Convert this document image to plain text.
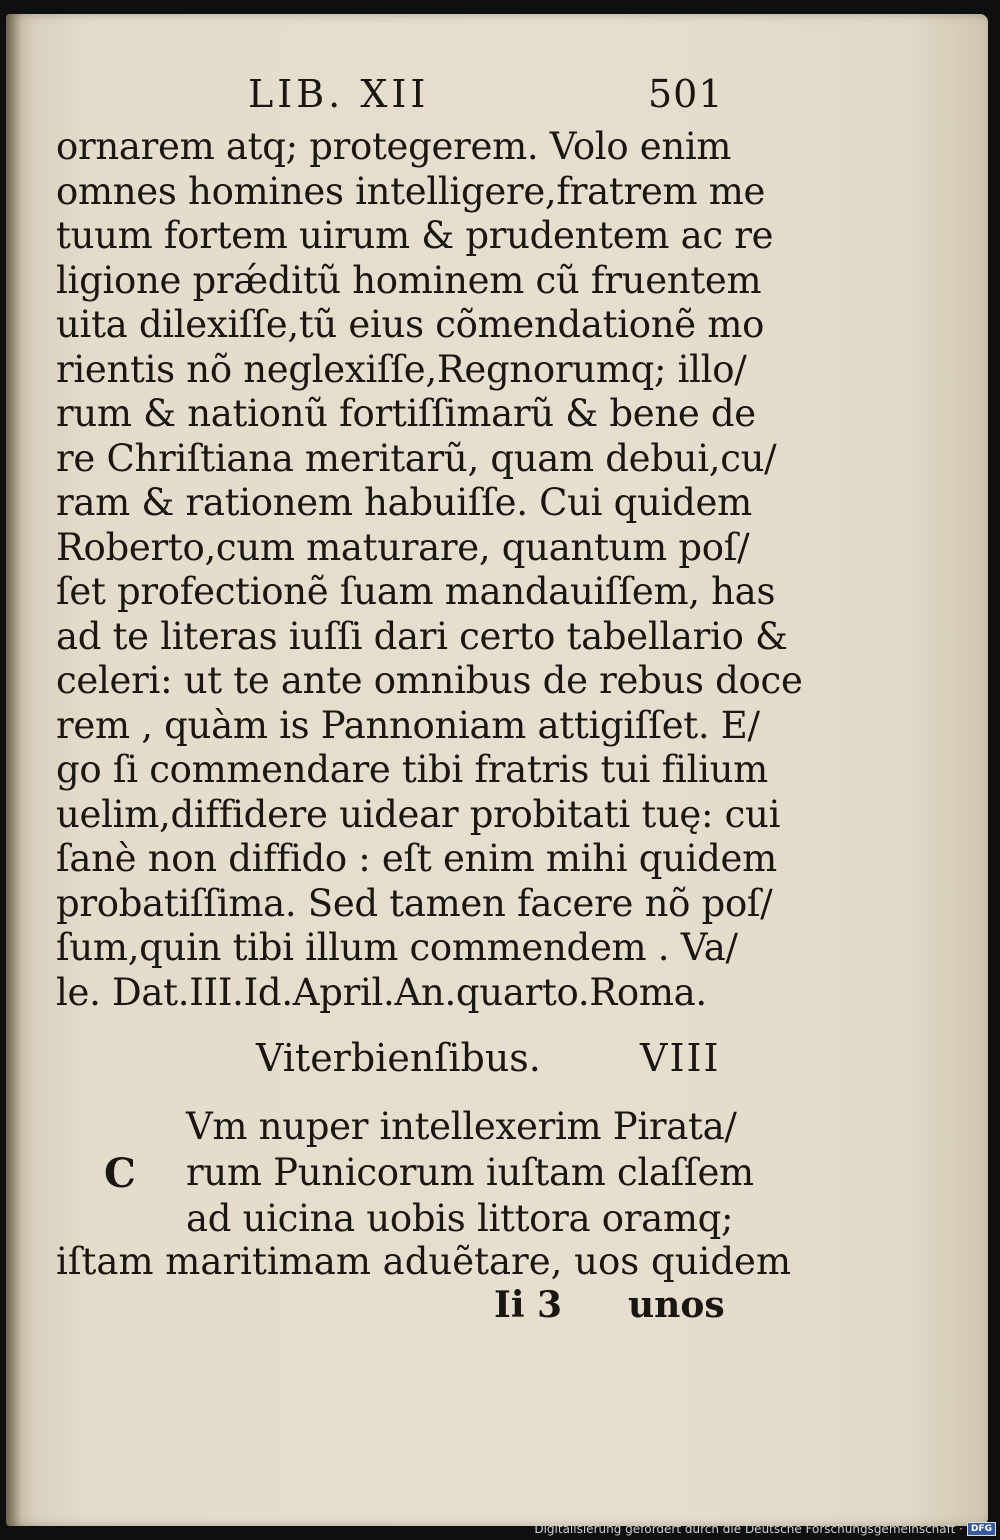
LIB. XII	501
ornarem atq; protegerem. Volo enim
omnes homines intelligere,fratrem me
tuum fortem uirum & prudentem ac re
ligione prǽditũ hominem cũ fruentem
uita dilexiſſe,tũ eius cõmendationẽ mo
rientis nõ neglexiſſe,Regnorumq; illo/
rum & nationũ fortiſſimarũ & bene de
re Chriſtiana meritarũ, quam debui,cu/
ram & rationem habuiſſe. Cui quidem
Roberto,cum maturare, quantum poſ/
ſet profectionẽ ſuam mandauiſſem, has
ad te literas iuſſi dari certo tabellario &
celeri: ut te ante omnibus de rebus doce
rem , quàm is Pannoniam attigiſſet. E/
go ſi commendare tibi fratris tui filium
uelim,diffidere uidear probitati tuę: cui
ſanè non diffido : eſt enim mihi quidem
probatiſſima. Sed tamen facere nõ poſ/
ſum,quin tibi illum commendem . Va/
le. Dat.III.Id.April.An.quarto.Roma.
Viterbienſibus.	VIII
C
Vm nuper intellexerim Pirata/
rum Punicorum iuſtam claſſem
ad uicina uobis littora oramq;
iſtam maritimam aduẽtare, uos quidem
Ii 3 unos
Digitalisierung gefördert durch die Deutsche Forschungsgemeinschaft · DFG
